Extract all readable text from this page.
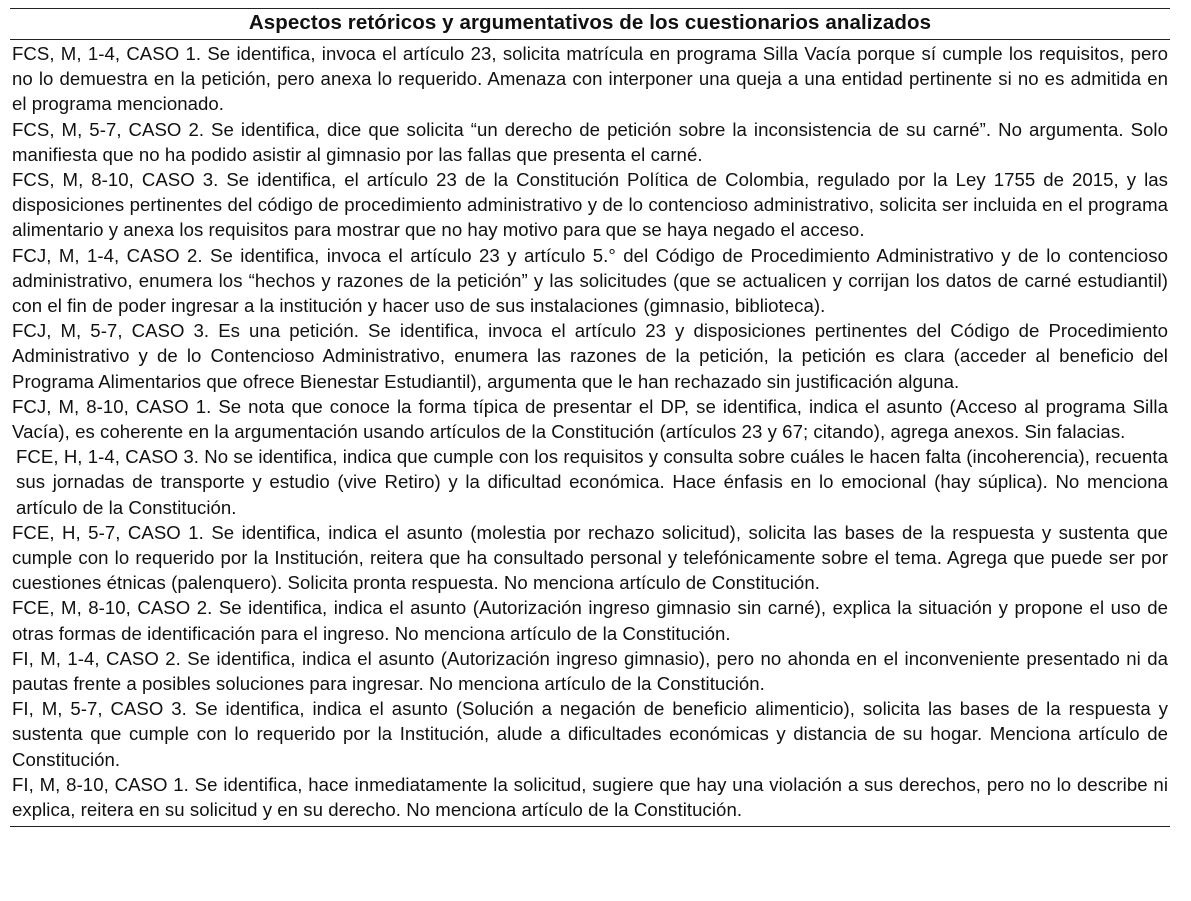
Aspectos retóricos y argumentativos de los cuestionarios analizados
FCS, M, 1-4, CASO 1. Se identifica, invoca el artículo 23, solicita matrícula en programa Silla Vacía porque sí cumple los requisitos, pero no lo demuestra en la petición, pero anexa lo requerido. Amenaza con interponer una queja a una entidad pertinente si no es admitida en el programa mencionado.
FCS, M, 5-7, CASO 2. Se identifica, dice que solicita “un derecho de petición sobre la inconsistencia de su carné”. No argumenta. Solo manifiesta que no ha podido asistir al gimnasio por las fallas que presenta el carné.
FCS, M, 8-10, CASO 3. Se identifica, el artículo 23 de la Constitución Política de Colombia, regulado por la Ley 1755 de 2015, y las disposiciones pertinentes del código de procedimiento administrativo y de lo contencioso administrativo, solicita ser incluida en el programa alimentario y anexa los requisitos para mostrar que no hay motivo para que se haya negado el acceso.
FCJ, M, 1-4, CASO 2. Se identifica, invoca el artículo 23 y artículo 5.° del Código de Procedimiento Administrativo y de lo contencioso administrativo, enumera los “hechos y razones de la petición” y las solicitudes (que se actualicen y corrijan los datos de carné estudiantil) con el fin de poder ingresar a la institución y hacer uso de sus instalaciones (gimnasio, biblioteca).
FCJ, M, 5-7, CASO 3. Es una petición. Se identifica, invoca el artículo 23 y disposiciones pertinentes del Código de Procedimiento Administrativo y de lo Contencioso Administrativo, enumera las razones de la petición, la petición es clara (acceder al beneficio del Programa Alimentarios que ofrece Bienestar Estudiantil), argumenta que le han rechazado sin justificación alguna.
FCJ, M, 8-10, CASO 1. Se nota que conoce la forma típica de presentar el DP, se identifica, indica el asunto (Acceso al programa Silla Vacía), es coherente en la argumentación usando artículos de la Constitución (artículos 23 y 67; citando), agrega anexos. Sin falacias.
FCE, H, 1-4, CASO 3. No se identifica, indica que cumple con los requisitos y consulta sobre cuáles le hacen falta (incoherencia), recuenta sus jornadas de transporte y estudio (vive Retiro) y la dificultad económica. Hace énfasis en lo emocional (hay súplica). No menciona artículo de la Constitución.
FCE, H, 5-7, CASO 1. Se identifica, indica el asunto (molestia por rechazo solicitud), solicita las bases de la respuesta y sustenta que cumple con lo requerido por la Institución, reitera que ha consultado personal y telefónicamente sobre el tema. Agrega que puede ser por cuestiones étnicas (palenquero). Solicita pronta respuesta. No menciona artículo de Constitución.
FCE, M, 8-10, CASO 2. Se identifica, indica el asunto (Autorización ingreso gimnasio sin carné), explica la situación y propone el uso de otras formas de identificación para el ingreso. No menciona artículo de la Constitución.
FI, M, 1-4, CASO 2. Se identifica, indica el asunto (Autorización ingreso gimnasio), pero no ahonda en el inconveniente presentado ni da pautas frente a posibles soluciones para ingresar. No menciona artículo de la Constitución.
FI, M, 5-7, CASO 3. Se identifica, indica el asunto (Solución a negación de beneficio alimenticio), solicita las bases de la respuesta y sustenta que cumple con lo requerido por la Institución, alude a dificultades económicas y distancia de su hogar. Menciona artículo de Constitución.
FI, M, 8-10, CASO 1. Se identifica, hace inmediatamente la solicitud, sugiere que hay una violación a sus derechos, pero no lo describe ni explica, reitera en su solicitud y en su derecho. No menciona artículo de la Constitución.
